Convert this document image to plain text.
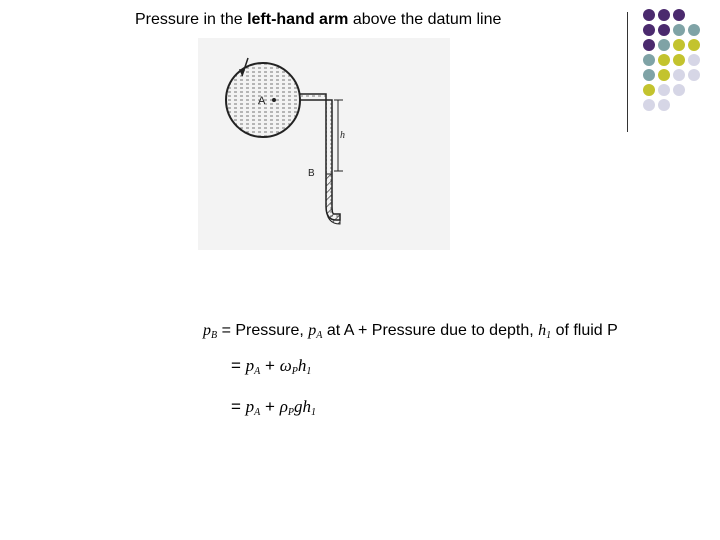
Pressure in the left-hand arm above the datum line
A
B
h
pB = Pressure, pA at A + Pressure due to depth, h1 of fluid P
= pA + ωPh1
= pA + ρPgh1
